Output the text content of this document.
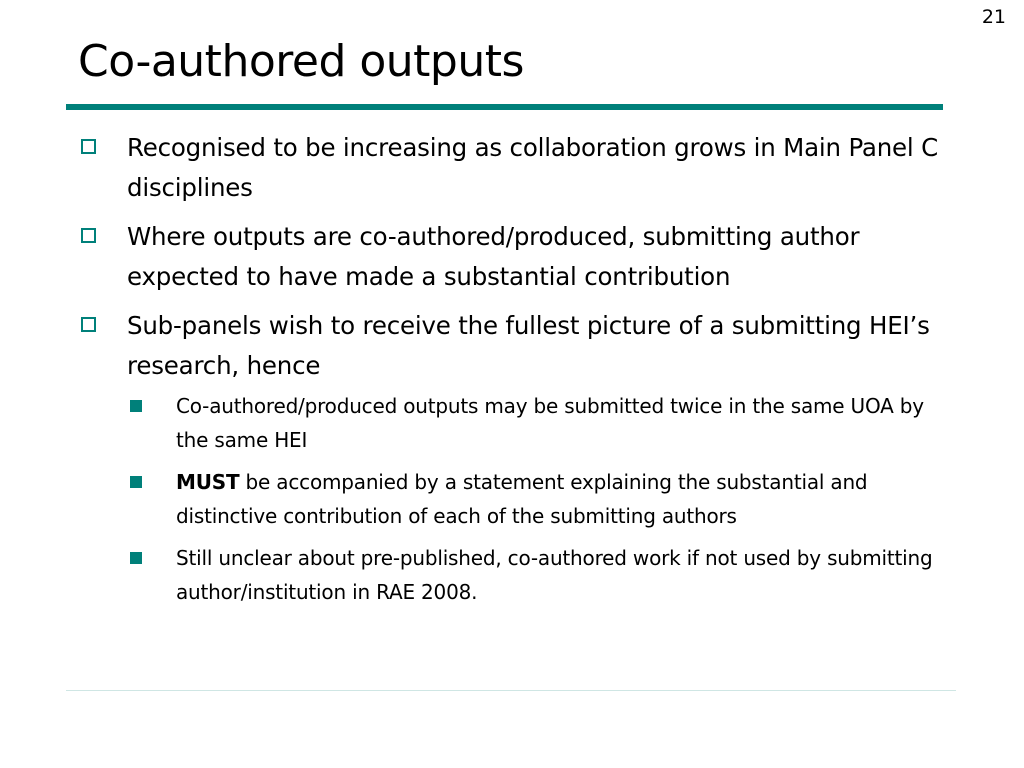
21
Co-authored outputs
Recognised to be increasing as collaboration grows in Main Panel C disciplines
Where outputs are co-authored/produced, submitting author expected to have made a substantial contribution
Sub-panels wish to receive the fullest picture of a submitting HEI’s research, hence
Co-authored/produced outputs may be submitted twice in the same UOA by the same HEI
MUST be accompanied by a statement explaining the substantial and distinctive contribution of each of the submitting authors
Still unclear about pre-published, co-authored work if not used by submitting author/institution in RAE 2008.
